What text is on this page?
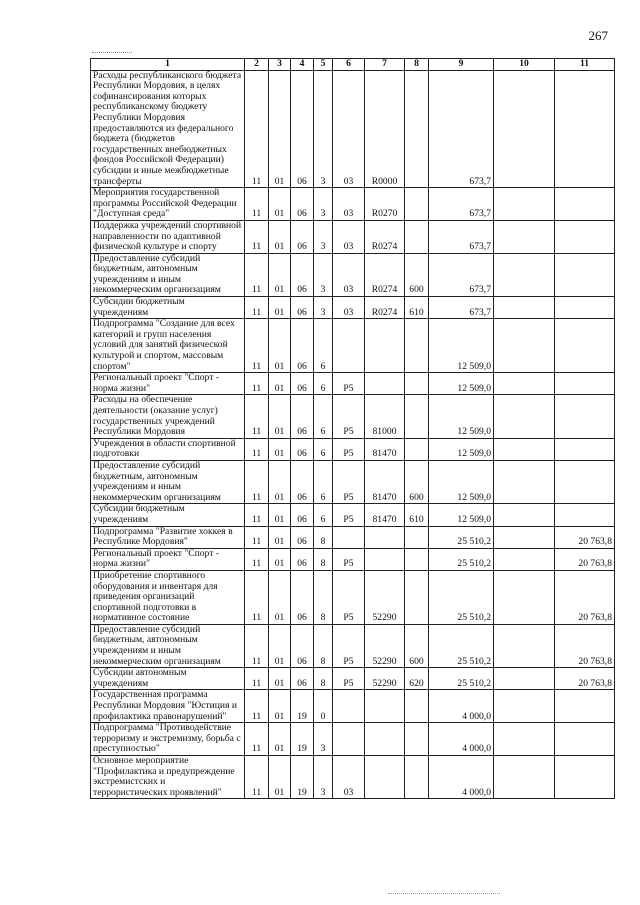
267
1	2	3	4	5	6	7	8	9	10	11
Расходы республиканского бюджета Республики Мордовия, в целях софинансирования которых республиканскому бюджету Республики Мордовия предоставляются из федерального бюджета (бюджетов государственных внебюджетных фондов Российской Федерации) субсидии и иные межбюджетные трансферты	11	01	06	3	03	R0000		673,7		
Мероприятия государственной программы Российской Федерации "Доступная среда"	11	01	06	3	03	R0270		673,7		
Поддержка учреждений спортивной направленности по адаптивной физической культуре и спорту	11	01	06	3	03	R0274		673,7		
Предоставление субсидий бюджетным, автономным учреждениям и иным некоммерческим организациям	11	01	06	3	03	R0274	600	673,7		
Субсидии бюджетным учреждениям	11	01	06	3	03	R0274	610	673,7		
Подпрограмма "Создание для всех категорий и групп населения условий для занятий физической культурой и спортом, массовым спортом"	11	01	06	6				12 509,0		
Региональный проект "Спорт - норма жизни"	11	01	06	6	P5			12 509,0		
Расходы на обеспечение деятельности (оказание услуг) государственных учреждений Республики Мордовия	11	01	06	6	P5	81000		12 509,0		
Учреждения в области спортивной подготовки	11	01	06	6	P5	81470		12 509,0		
Предоставление субсидий бюджетным, автономным учреждениям и иным некоммерческим организациям	11	01	06	6	P5	81470	600	12 509,0		
Субсидии бюджетным учреждениям	11	01	06	6	P5	81470	610	12 509,0		
Подпрограмма "Развитие хоккея в Республике Мордовия"	11	01	06	8				25 510,2		20 763,8
Региональный проект "Спорт - норма жизни"	11	01	06	8	P5			25 510,2		20 763,8
Приобретение спортивного оборудования и инвентаря для приведения организаций спортивной подготовки в нормативное состояние	11	01	06	8	P5	52290		25 510,2		20 763,8
Предоставление субсидий бюджетным, автономным учреждениям и иным некоммерческим организациям	11	01	06	8	P5	52290	600	25 510,2		20 763,8
Субсидии автономным учреждениям	11	01	06	8	P5	52290	620	25 510,2		20 763,8
Государственная программа Республики Мордовия "Юстиция и профилактика правонарушений"	11	01	19	0				4 000,0		
Подпрограмма "Противодействие терроризму и экстремизму, борьба с преступностью"	11	01	19	3				4 000,0		
Основное мероприятие "Профилактика и предупреждение экстремистских и террористических проявлений"	11	01	19	3	03			4 000,0		
